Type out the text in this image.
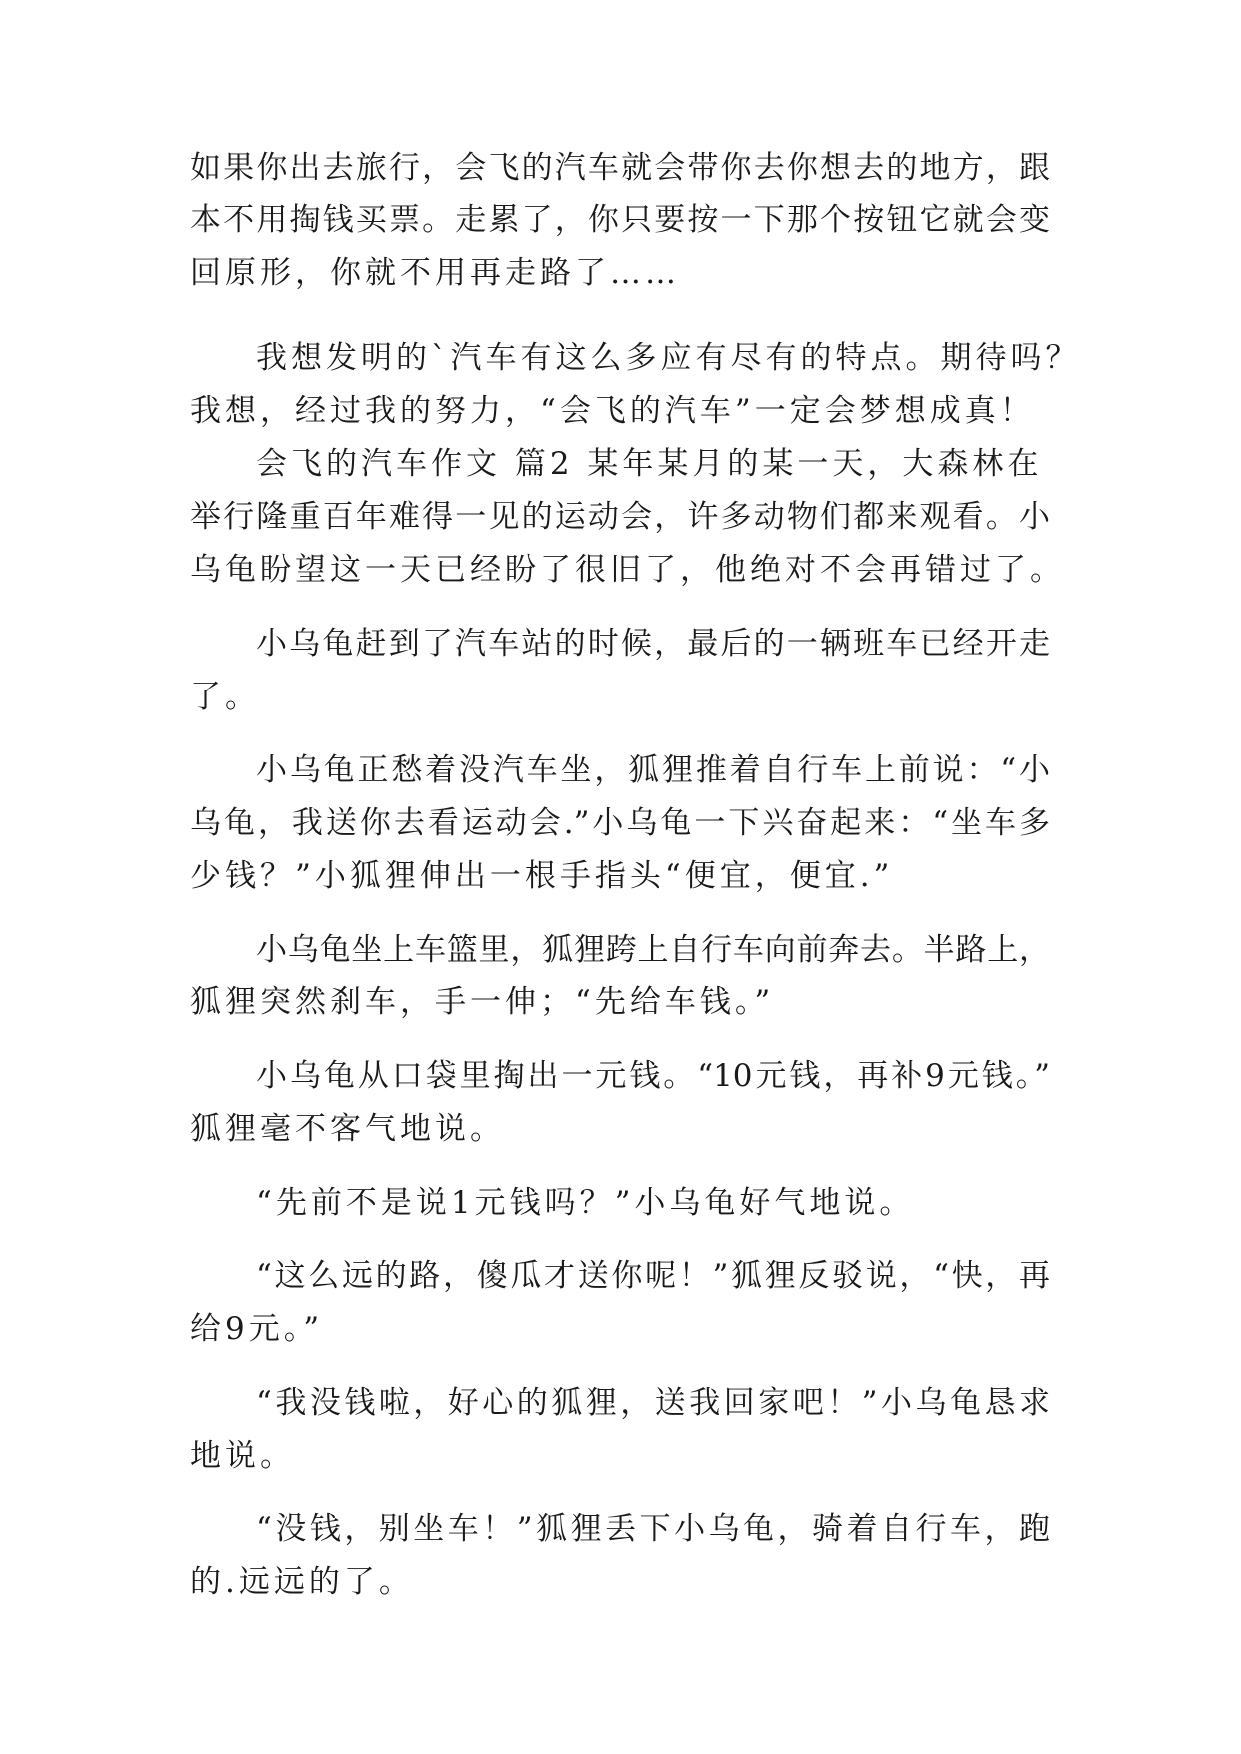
如果你出去旅行，会飞的汽车就会带你去你想去的地方，跟
本不用掏钱买票。走累了，你只要按一下那个按钮它就会变
回原形，你就不用再走路了……
我想发明的`汽车有这么多应有尽有的特点。期待吗？
我想，经过我的努力，“会飞的汽车”一定会梦想成真！
会飞的汽车作文 篇2 某年某月的某一天，大森林在
举行隆重百年难得一见的运动会，许多动物们都来观看。小
乌龟盼望这一天已经盼了很旧了，他绝对不会再错过了。
小乌龟赶到了汽车站的时候，最后的一辆班车已经开走
了。
小乌龟正愁着没汽车坐，狐狸推着自行车上前说：“小
乌龟，我送你去看运动会.”小乌龟一下兴奋起来：“坐车多
少钱？”小狐狸伸出一根手指头“便宜，便宜.”
小乌龟坐上车篮里，狐狸跨上自行车向前奔去。半路上，
狐狸突然刹车，手一伸；“先给车钱。”
小乌龟从口袋里掏出一元钱。“10元钱，再补9元钱。”
狐狸毫不客气地说。
“先前不是说1元钱吗？”小乌龟好气地说。
“这么远的路，傻瓜才送你呢！”狐狸反驳说，“快，再
给9元。”
“我没钱啦，好心的狐狸，送我回家吧！”小乌龟恳求
地说。
“没钱，别坐车！”狐狸丢下小乌龟，骑着自行车，跑
的.远远的了。
